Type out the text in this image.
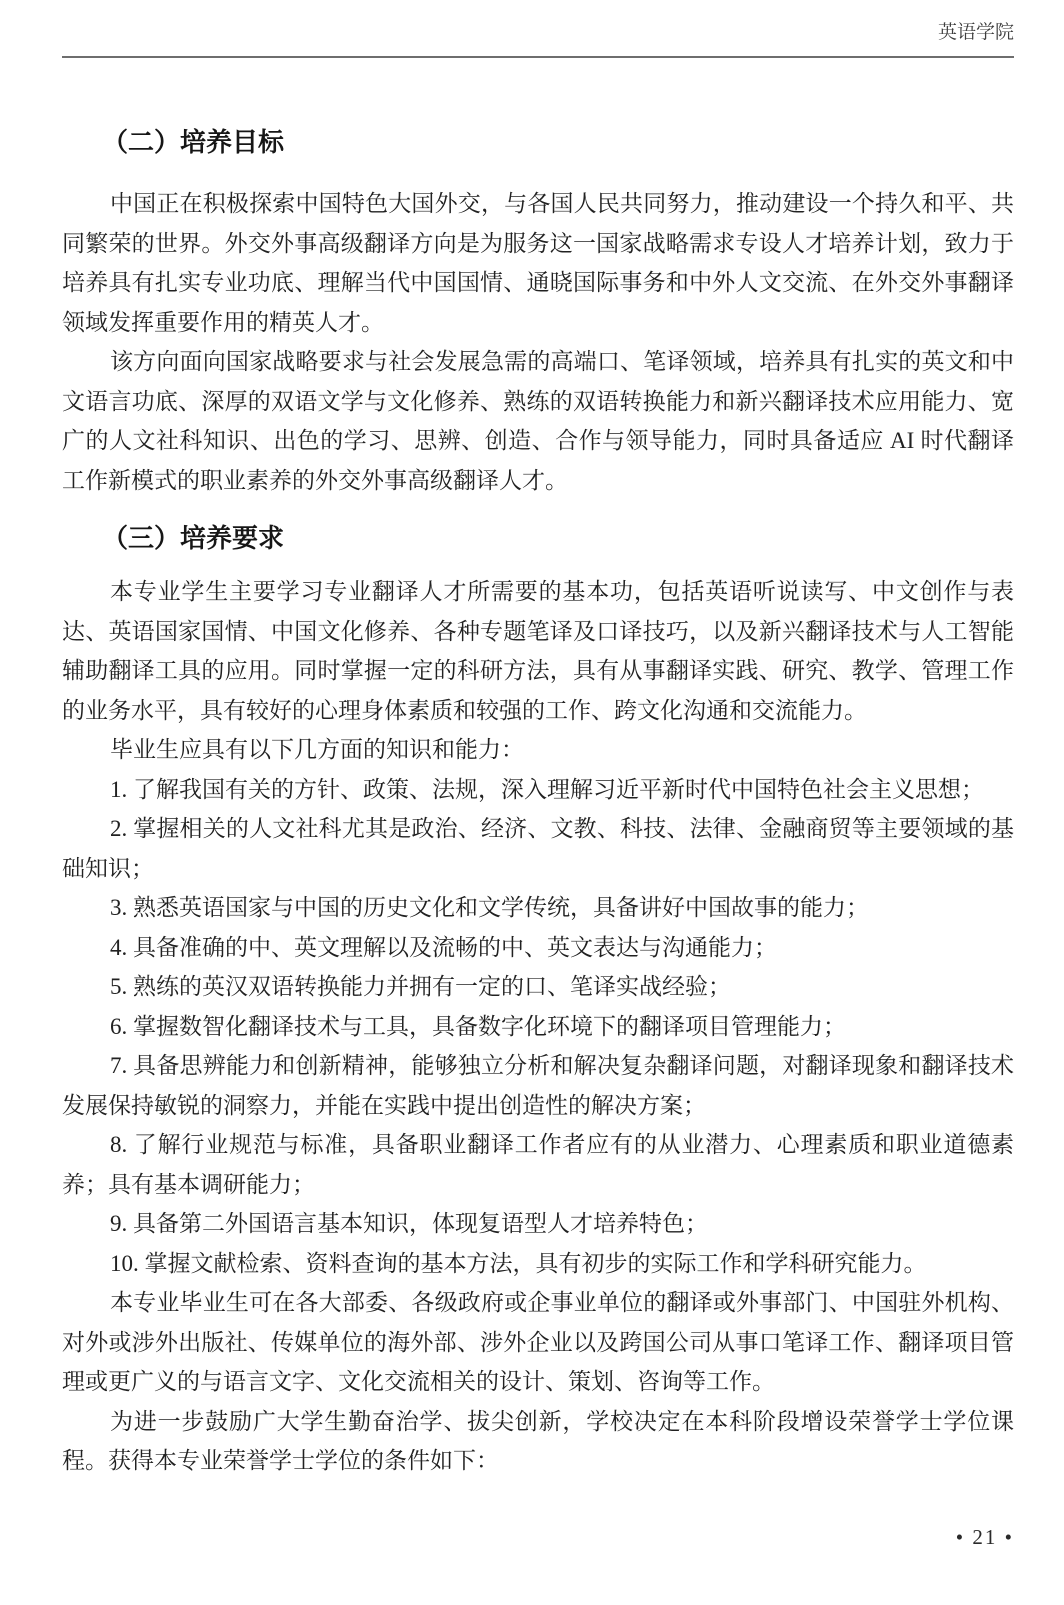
英语学院
（二）培养目标

中国正在积极探索中国特色大国外交，与各国人民共同努力，推动建设一个持久和平、共同繁荣的世界。外交外事高级翻译方向是为服务这一国家战略需求专设人才培养计划，致力于培养具有扎实专业功底、理解当代中国国情、通晓国际事务和中外人文交流、在外交外事翻译领域发挥重要作用的精英人才。

该方向面向国家战略要求与社会发展急需的高端口、笔译领域，培养具有扎实的英文和中文语言功底、深厚的双语文学与文化修养、熟练的双语转换能力和新兴翻译技术应用能力、宽广的人文社科知识、出色的学习、思辨、创造、合作与领导能力，同时具备适应 AI 时代翻译工作新模式的职业素养的外交外事高级翻译人才。

（三）培养要求

本专业学生主要学习专业翻译人才所需要的基本功，包括英语听说读写、中文创作与表达、英语国家国情、中国文化修养、各种专题笔译及口译技巧，以及新兴翻译技术与人工智能辅助翻译工具的应用。同时掌握一定的科研方法，具有从事翻译实践、研究、教学、管理工作的业务水平，具有较好的心理身体素质和较强的工作、跨文化沟通和交流能力。

毕业生应具有以下几方面的知识和能力：

1. 了解我国有关的方针、政策、法规，深入理解习近平新时代中国特色社会主义思想；

2. 掌握相关的人文社科尤其是政治、经济、文教、科技、法律、金融商贸等主要领域的基础知识；

3. 熟悉英语国家与中国的历史文化和文学传统，具备讲好中国故事的能力；

4. 具备准确的中、英文理解以及流畅的中、英文表达与沟通能力；

5. 熟练的英汉双语转换能力并拥有一定的口、笔译实战经验；

6. 掌握数智化翻译技术与工具，具备数字化环境下的翻译项目管理能力；

7. 具备思辨能力和创新精神，能够独立分析和解决复杂翻译问题，对翻译现象和翻译技术发展保持敏锐的洞察力，并能在实践中提出创造性的解决方案；

8. 了解行业规范与标准，具备职业翻译工作者应有的从业潜力、心理素质和职业道德素养；具有基本调研能力；

9. 具备第二外国语言基本知识，体现复语型人才培养特色；

10. 掌握文献检索、资料查询的基本方法，具有初步的实际工作和学科研究能力。

本专业毕业生可在各大部委、各级政府或企事业单位的翻译或外事部门、中国驻外机构、对外或涉外出版社、传媒单位的海外部、涉外企业以及跨国公司从事口笔译工作、翻译项目管理或更广义的与语言文字、文化交流相关的设计、策划、咨询等工作。

为进一步鼓励广大学生勤奋治学、拔尖创新，学校决定在本科阶段增设荣誉学士学位课程。获得本专业荣誉学士学位的条件如下：

• 21 •
